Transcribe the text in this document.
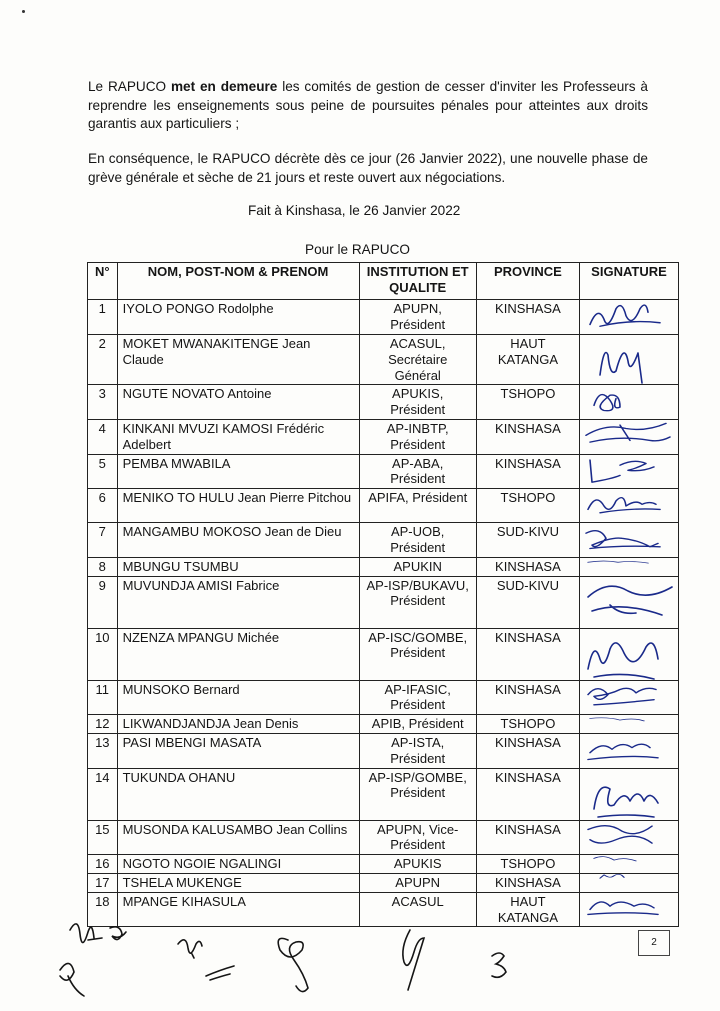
Le RAPUCO met en demeure les comités de gestion de cesser d'inviter les Professeurs à reprendre les enseignements sous peine de poursuites pénales pour atteintes aux droits garantis aux particuliers ;

En conséquence, le RAPUCO décrète dès ce jour (26 Janvier 2022), une nouvelle phase de grève générale et sèche de 21 jours et reste ouvert aux négociations.

Fait à Kinshasa, le 26 Janvier 2022
Pour le RAPUCO
N°	NOM, POST-NOM & PRENOM	INSTITUTION ET QUALITE	PROVINCE	SIGNATURE
1	IYOLO PONGO Rodolphe	APUPN, Président	KINSHASA	

2	MOKET MWANAKITENGE Jean Claude	ACASUL, Secrétaire Général	HAUT KATANGA	

3	NGUTE NOVATO Antoine	APUKIS, Président	TSHOPO	

4	KINKANI MVUZI KAMOSI Frédéric Adelbert	AP-INBTP, Président	KINSHASA	

5	PEMBA MWABILA	AP-ABA, Président	KINSHASA	

6	MENIKO TO HULU Jean Pierre Pitchou	APIFA, Président	TSHOPO	

7	MANGAMBU MOKOSO Jean de Dieu	AP-UOB, Président	SUD-KIVU	

8	MBUNGU TSUMBU	APUKIN	KINSHASA	

9	MUVUNDJA AMISI Fabrice	AP-ISP/BUKAVU, Président	SUD-KIVU	

10	NZENZA MPANGU Michée	AP-ISC/GOMBE, Président	KINSHASA	

11	MUNSOKO Bernard	AP-IFASIC, Président	KINSHASA	

12	LIKWANDJANDJA Jean Denis	APIB, Président	TSHOPO	

13	PASI MBENGI MASATA	AP-ISTA, Président	KINSHASA	

14	TUKUNDA OHANU	AP-ISP/GOMBE, Président	KINSHASA	

15	MUSONDA KALUSAMBO Jean Collins	APUPN, Vice-Président	KINSHASA	

16	NGOTO NGOIE NGALINGI	APUKIS	TSHOPO	

17	TSHELA MUKENGE	APUPN	KINSHASA	

18	MPANGE KIHASULA	ACASUL	HAUT KATANGA	
2
